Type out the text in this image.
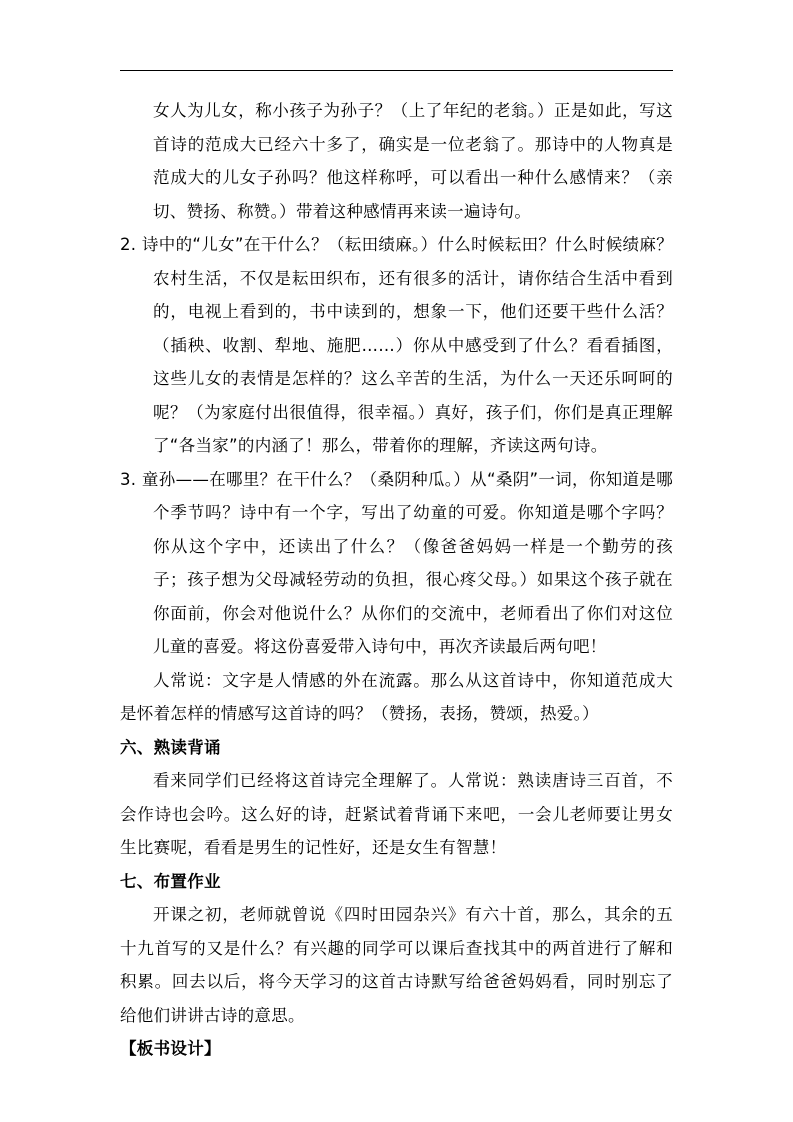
女人为儿女，称小孩子为孙子？（上了年纪的老翁。）正是如此，写这首诗的范成大已经六十多了，确实是一位老翁了。那诗中的人物真是范成大的儿女子孙吗？他这样称呼，可以看出一种什么感情来？（亲切、赞扬、称赞。）带着这种感情再来读一遍诗句。

2. 诗中的“儿女”在干什么？（耘田绩麻。）什么时候耘田？什么时候绩麻？农村生活，不仅是耘田织布，还有很多的活计，请你结合生活中看到的，电视上看到的，书中读到的，想象一下，他们还要干些什么活？（插秧、收割、犁地、施肥……）你从中感受到了什么？看看插图，这些儿女的表情是怎样的？这么辛苦的生活，为什么一天还乐呵呵的呢？（为家庭付出很值得，很幸福。）真好，孩子们，你们是真正理解了“各当家”的内涵了！那么，带着你的理解，齐读这两句诗。

3. 童孙——在哪里？在干什么？（桑阴种瓜。）从“桑阴”一词，你知道是哪个季节吗？诗中有一个字，写出了幼童的可爱。你知道是哪个字吗？你从这个字中，还读出了什么？（像爸爸妈妈一样是一个勤劳的孩子；孩子想为父母减轻劳动的负担，很心疼父母。）如果这个孩子就在你面前，你会对他说什么？从你们的交流中，老师看出了你们对这位儿童的喜爱。将这份喜爱带入诗句中，再次齐读最后两句吧！

人常说：文字是人情感的外在流露。那么从这首诗中，你知道范成大是怀着怎样的情感写这首诗的吗？（赞扬，表扬，赞颂，热爱。）

六、熟读背诵

看来同学们已经将这首诗完全理解了。人常说：熟读唐诗三百首，不会作诗也会吟。这么好的诗，赶紧试着背诵下来吧，一会儿老师要让男女生比赛呢，看看是男生的记性好，还是女生有智慧！

七、布置作业

开课之初，老师就曾说《四时田园杂兴》有六十首，那么，其余的五十九首写的又是什么？有兴趣的同学可以课后查找其中的两首进行了解和积累。回去以后，将今天学习的这首古诗默写给爸爸妈妈看，同时别忘了给他们讲讲古诗的意思。

【板书设计】
